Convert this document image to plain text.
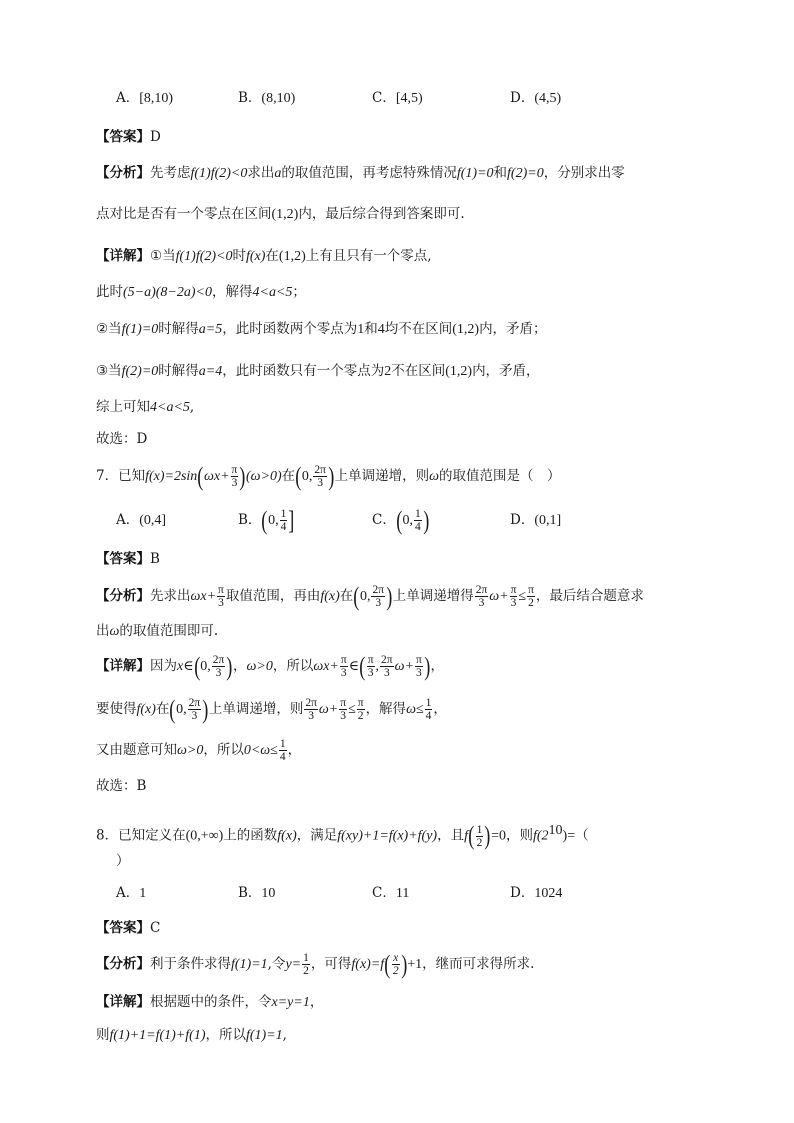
A．[8,10)	B．(8,10)	C．[4,5)	D．(4,5)
【答案】D
【分析】先考虑f(1)f(2)<0求出a的取值范围，再考虑特殊情况f(1)=0和f(2)=0，分别求出零
点对比是否有一个零点在区间(1,2)内，最后综合得到答案即可.
【详解】①当f(1)f(2)<0时f(x)在(1,2)上有且只有一个零点,
此时(5−a)(8−2a)<0，解得4<a<5；
②当f(1)=0时解得a=5，此时函数两个零点为1和4均不在区间(1,2)内，矛盾；
③当f(2)=0时解得a=4，此时函数只有一个零点为2不在区间(1,2)内，矛盾，
综上可知4<a<5,
故选：D
7．已知$f(x)=2\sin(\omega x+ \frac{\pi}{3} )(\omega>0)$在(0, $\frac{2\pi}{3}$ )上单调递增，则ω的取值范围是（　）
A．(0,4]	B．(0, $\frac{1}{4}$ ]	C．(0, $\frac{1}{4}$ )	D．(0,1]
【答案】B
【分析】先求出$\omega x+ \frac{\pi}{3}$ 取值范围，再由f(x)在(0, $\frac{2\pi}{3}$ )上单调递增得 $\frac{2\pi}{3} \omega+ \frac{\pi}{3} \le \frac{\pi}{2}$ ，最后结合题意求
出ω的取值范围即可.
【详解】因为x∈(0, $\frac{2\pi}{3}$ )，ω>0，所以$\omega x+ \frac{\pi}{3}$ ∈( $\frac{\pi}{3}$ , $\frac{2\pi}{3} \omega+ \frac{\pi}{3}$ )，
要使得f(x)在(0, $\frac{2\pi}{3}$ )上单调递增，则 $\frac{2\pi}{3} \omega+ \frac{\pi}{3} \le \frac{\pi}{2}$ ，解得$\omega\le \frac{1}{4}$ ，
又由题意可知ω>0，所以$0<\omega\le \frac{1}{4}$ ，
故选：B
8．已知定义在(0,+∞)上的函数f(x)，满足f(xy)+1=f(x)+f(y)，且$f( \frac{1}{2} )=0$，则$f(2^{10})=$（
）
A．1	B．10	C．11	D．1024
【答案】C
【分析】利于条件求得f(1)=1,令$y= \frac{1}{2}$ ，可得$f(x)=f( \frac{x}{2} )+1$，继而可求得所求.
【详解】根据题中的条件，令x=y=1，
则f(1)+1=f(1)+f(1)，所以f(1)=1,
